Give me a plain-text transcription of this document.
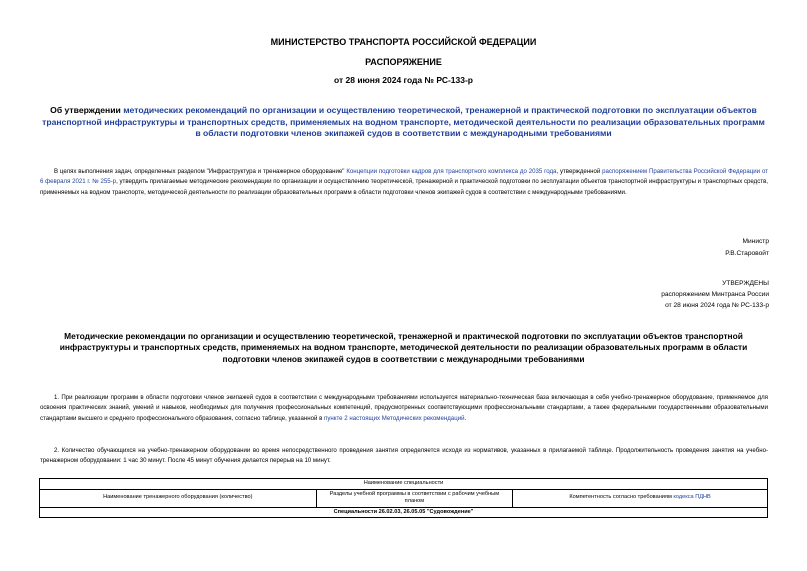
МИНИСТЕРСТВО ТРАНСПОРТА РОССИЙСКОЙ ФЕДЕРАЦИИ
РАСПОРЯЖЕНИЕ
от 28 июня 2024 года № РС-133-р
Об утверждении методических рекомендаций по организации и осуществлению теоретической, тренажерной и практической подготовки по эксплуатации объектов транспортной инфраструктуры и транспортных средств, применяемых на водном транспорте, методической деятельности по реализации образовательных программ в области подготовки членов экипажей судов в соответствии с международными требованиями
В целях выполнения задач, определенных разделом "Инфраструктура и тренажерное оборудование" Концепции подготовки кадров для транспортного комплекса до 2035 года, утвержденной распоряжением Правительства Российской Федерации от 6 февраля 2021 г. № 255-р, утвердить прилагаемые методические рекомендации по организации и осуществлению теоретической, тренажерной и практической подготовки по эксплуатации объектов транспортной инфраструктуры и транспортных средств, применяемых на водном транспорте, методической деятельности по реализации образовательных программ в области подготовки членов экипажей судов в соответствии с международными требованиями.
Министр
Р.В.Старовойт
УТВЕРЖДЕНЫ
распоряжением Минтранса России
от 28 июня 2024 года № РС-133-р
Методические рекомендации по организации и осуществлению теоретической, тренажерной и практической подготовки по эксплуатации объектов транспортной инфраструктуры и транспортных средств, применяемых на водном транспорте, методической деятельности по реализации образовательных программ в области подготовки членов экипажей судов в соответствии с международными требованиями
1. При реализации программ в области подготовки членов экипажей судов в соответствии с международными требованиями используется материально-техническая база включающая в себя учебно-тренажерное оборудование, применяемое для освоения практических знаний, умений и навыков, необходимых для получения профессиональных компетенций, предусмотренных соответствующими профессиональными стандартами, а также федеральными государственными образовательными стандартами высшего и среднего профессионального образования, согласно таблице, указанной в пункте 2 настоящих Методических рекомендаций.
2. Количество обучающихся на учебно-тренажерном оборудовании во время непосредственного проведения занятия определяется исходя из нормативов, указанных в прилагаемой таблице. Продолжительность проведения занятия на учебно-тренажерном оборудовании: 1 час 30 минут. После 45 минут обучения делается перерыв на 10 минут.
Наименование специальности
Наименование тренажерного оборудования (количество)	Разделы учебной программы в соответствии с рабочим учебным планом	Компетентность согласно требованиям кодекса ПДНВ
Специальности 26.02.03, 26.05.05 "Судовождение"
